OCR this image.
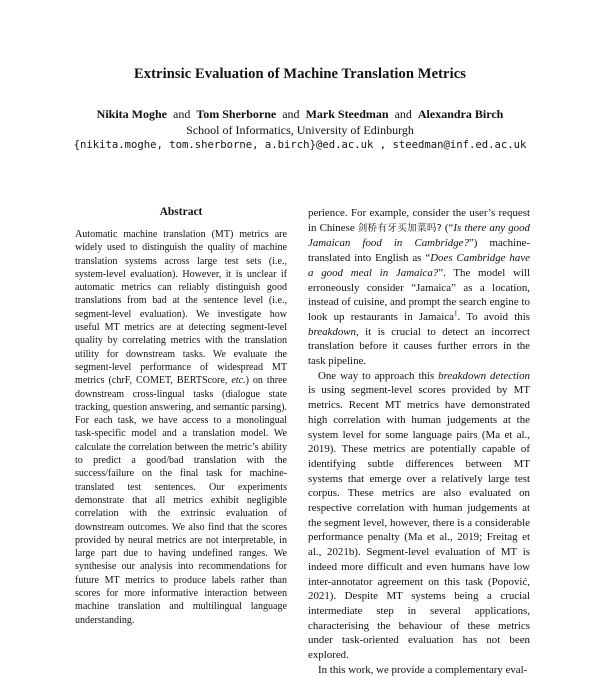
Extrinsic Evaluation of Machine Translation Metrics
Nikita Moghe and Tom Sherborne and Mark Steedman and Alexandra Birch
School of Informatics, University of Edinburgh
{nikita.moghe, tom.sherborne, a.birch}@ed.ac.uk , steedman@inf.ed.ac.uk
Abstract
Automatic machine translation (MT) metrics are widely used to distinguish the quality of machine translation systems across large test sets (i.e., system-level evaluation). However, it is unclear if automatic metrics can reliably distinguish good translations from bad at the sentence level (i.e., segment-level evaluation). We investigate how useful MT metrics are at detecting segment-level quality by correlating metrics with the translation utility for downstream tasks. We evaluate the segment-level performance of widespread MT metrics (chrF, COMET, BERTScore, etc.) on three downstream cross-lingual tasks (dialogue state tracking, question answering, and semantic parsing). For each task, we have access to a monolingual task-specific model and a translation model. We calculate the correlation between the metric’s ability to predict a good/bad translation with the success/failure on the final task for machine-translated test sentences. Our experiments demonstrate that all metrics exhibit negligible correlation with the extrinsic evaluation of downstream outcomes. We also find that the scores provided by neural metrics are not interpretable, in large part due to having undefined ranges. We synthesise our analysis into recommendations for future MT metrics to produce labels rather than scores for more informative interaction between machine translation and multilingual language understanding.

perience. For example, consider the user’s request in Chinese 剑桥有牙买加菜吗? (“Is there any good Jamaican food in Cambridge?”) machine-translated into English as “Does Cambridge have a good meal in Jamaica?”. The model will erroneously consider “Jamaica” as a location, instead of cuisine, and prompt the search engine to look up restaurants in Jamaica$^1$. To avoid this breakdown, it is crucial to detect an incorrect translation before it causes further errors in the task pipeline.

One way to approach this breakdown detection is using segment-level scores provided by MT metrics. Recent MT metrics have demonstrated high correlation with human judgements at the system level for some language pairs (Ma et al., 2019). These metrics are potentially capable of identifying subtle differences between MT systems that emerge over a relatively large test corpus. These metrics are also evaluated on respective correlation with human judgements at the segment level, however, there is a considerable performance penalty (Ma et al., 2019; Freitag et al., 2021b). Segment-level evaluation of MT is indeed more difficult and even humans have low inter-annotator agreement on this task (Popović, 2021). Despite MT systems being a crucial intermediate step in several applications, characterising the behaviour of these metrics under task-oriented evaluation has not been explored.

In this work, we provide a complementary eval-
